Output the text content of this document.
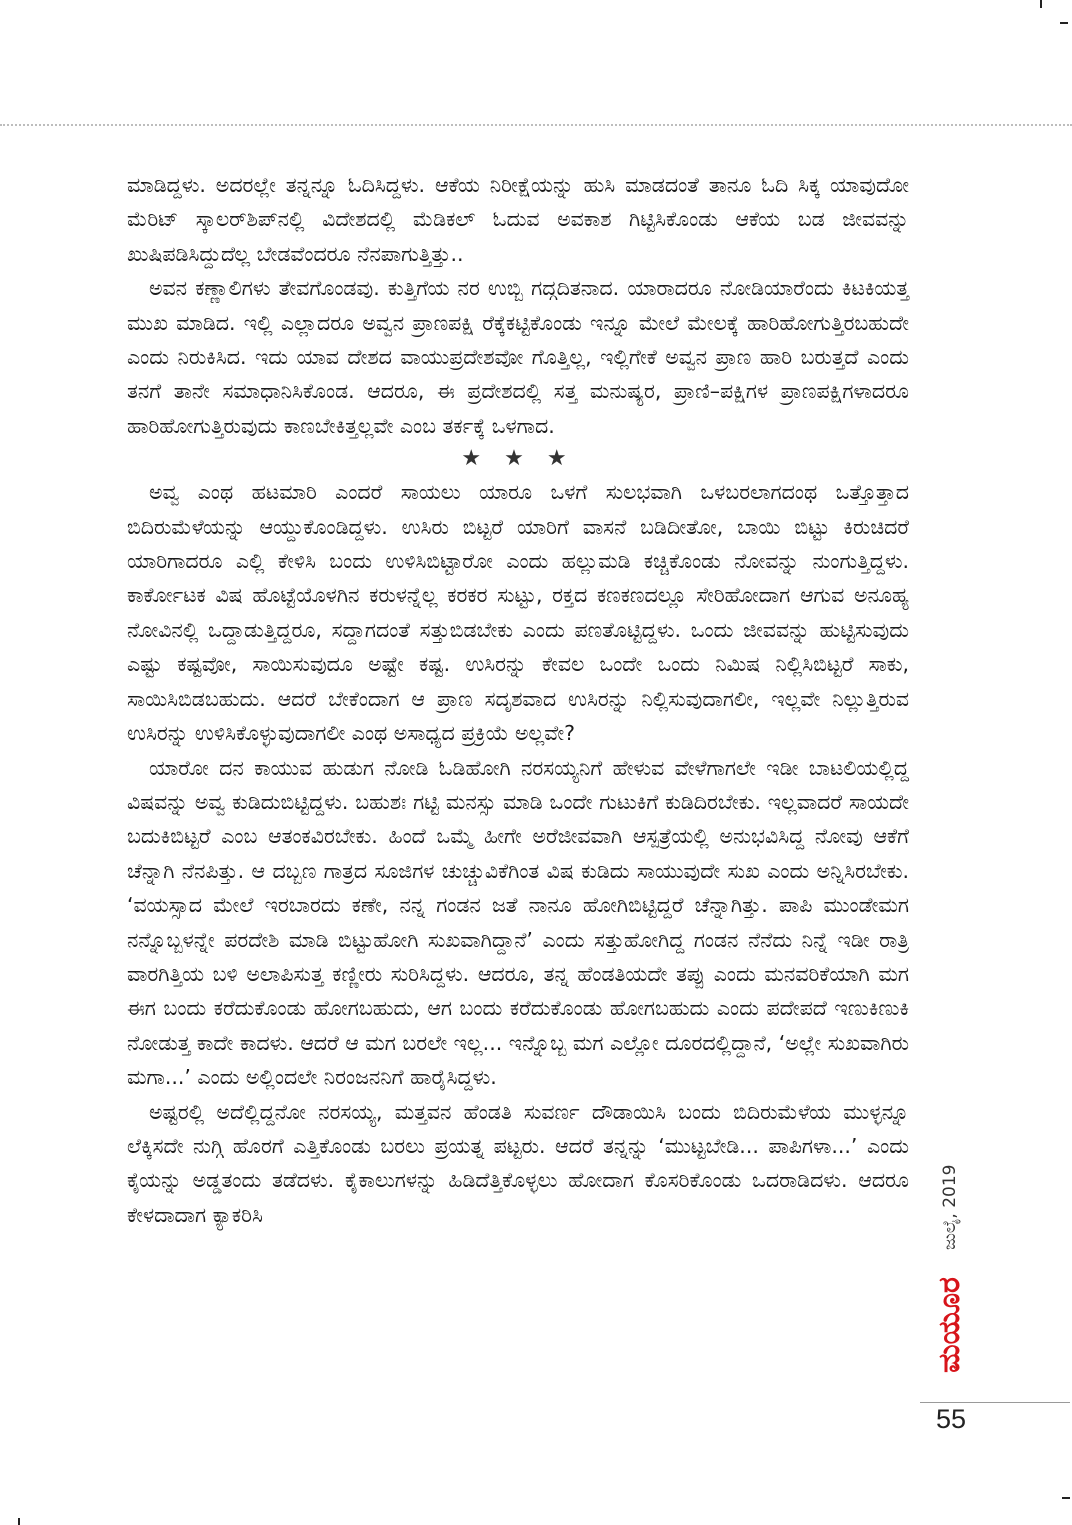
ಮಾಡಿದ್ದಳು. ಅದರಲ್ಲೇ ತನ್ನನ್ನೂ ಓದಿಸಿದ್ದಳು. ಆಕೆಯ ನಿರೀಕ್ಷೆಯನ್ನು ಹುಸಿ ಮಾಡದಂತೆ ತಾನೂ ಓದಿ ಸಿಕ್ಕ ಯಾವುದೋ ಮೆರಿಟ್ ಸ್ಕಾಲರ್‌ಶಿಪ್‌ನಲ್ಲಿ ವಿದೇಶದಲ್ಲಿ ಮೆಡಿಕಲ್ ಓದುವ ಅವಕಾಶ ಗಿಟ್ಟಿಸಿಕೊಂಡು ಆಕೆಯ ಬಡ ಜೀವವನ್ನು ಖುಷಿಪಡಿಸಿದ್ದುದೆಲ್ಲ ಬೇಡವೆಂದರೂ ನೆನಪಾಗುತ್ತಿತ್ತು..

ಅವನ ಕಣ್ಣಾಲಿಗಳು ತೇವಗೊಂಡವು. ಕುತ್ತಿಗೆಯ ನರ ಉಬ್ಬಿ ಗದ್ಗದಿತನಾದ. ಯಾರಾದರೂ ನೋಡಿಯಾರೆಂದು ಕಿಟಕಿಯತ್ತ ಮುಖ ಮಾಡಿದ. ಇಲ್ಲಿ ಎಲ್ಲಾದರೂ ಅವ್ವನ ಪ್ರಾಣಪಕ್ಷಿ ರೆಕ್ಕೆಕಟ್ಟಿಕೊಂಡು ಇನ್ನೂ ಮೇಲೆ ಮೇಲಕ್ಕೆ ಹಾರಿಹೋಗುತ್ತಿರಬಹುದೇ ಎಂದು ನಿರುಕಿಸಿದ. ಇದು ಯಾವ ದೇಶದ ವಾಯುಪ್ರದೇಶವೋ ಗೊತ್ತಿಲ್ಲ, ಇಲ್ಲಿಗೇಕೆ ಅವ್ವನ ಪ್ರಾಣ ಹಾರಿ ಬರುತ್ತದೆ ಎಂದು ತನಗೆ ತಾನೇ ಸಮಾಧಾನಿಸಿಕೊಂಡ. ಆದರೂ, ಈ ಪ್ರದೇಶದಲ್ಲಿ ಸತ್ತ ಮನುಷ್ಯರ, ಪ್ರಾಣಿ–ಪಕ್ಷಿಗಳ ಪ್ರಾಣಪಕ್ಷಿಗಳಾದರೂ ಹಾರಿಹೋಗುತ್ತಿರುವುದು ಕಾಣಬೇಕಿತ್ತಲ್ಲವೇ ಎಂಬ ತರ್ಕಕ್ಕೆ ಒಳಗಾದ.

★ ★ ★

ಅವ್ವ ಎಂಥ ಹಟಮಾರಿ ಎಂದರೆ ಸಾಯಲು ಯಾರೂ ಒಳಗೆ ಸುಲಭವಾಗಿ ಒಳಬರಲಾಗದಂಥ ಒತ್ತೊತ್ತಾದ ಬಿದಿರುಮೆಳೆಯನ್ನು ಆಯ್ದುಕೊಂಡಿದ್ದಳು. ಉಸಿರು ಬಿಟ್ಟರೆ ಯಾರಿಗೆ ವಾಸನೆ ಬಡಿದೀತೋ, ಬಾಯಿ ಬಿಟ್ಟು ಕಿರುಚಿದರೆ ಯಾರಿಗಾದರೂ ಎಲ್ಲಿ ಕೇಳಿಸಿ ಬಂದು ಉಳಿಸಿಬಿಟ್ಟಾರೋ ಎಂದು ಹಲ್ಲುಮಡಿ ಕಚ್ಚಿಕೊಂಡು ನೋವನ್ನು ನುಂಗುತ್ತಿದ್ದಳು. ಕಾರ್ಕೋಟಕ ವಿಷ ಹೊಟ್ಟೆಯೊಳಗಿನ ಕರುಳನ್ನೆಲ್ಲ ಕರಕರ ಸುಟ್ಟು, ರಕ್ತದ ಕಣಕಣದಲ್ಲೂ ಸೇರಿಹೋದಾಗ ಆಗುವ ಅನೂಹ್ಯ ನೋವಿನಲ್ಲಿ ಒದ್ದಾಡುತ್ತಿದ್ದರೂ, ಸದ್ದಾಗದಂತೆ ಸತ್ತುಬಿಡಬೇಕು ಎಂದು ಪಣತೊಟ್ಟಿದ್ದಳು. ಒಂದು ಜೀವವನ್ನು ಹುಟ್ಟಿಸುವುದು ಎಷ್ಟು ಕಷ್ಟವೋ, ಸಾಯಿಸುವುದೂ ಅಷ್ಟೇ ಕಷ್ಟ. ಉಸಿರನ್ನು ಕೇವಲ ಒಂದೇ ಒಂದು ನಿಮಿಷ ನಿಲ್ಲಿಸಿಬಿಟ್ಟರೆ ಸಾಕು, ಸಾಯಿಸಿಬಿಡಬಹುದು. ಆದರೆ ಬೇಕೆಂದಾಗ ಆ ಪ್ರಾಣ ಸದೃಶವಾದ ಉಸಿರನ್ನು ನಿಲ್ಲಿಸುವುದಾಗಲೀ, ಇಲ್ಲವೇ ನಿಲ್ಲುತ್ತಿರುವ ಉಸಿರನ್ನು ಉಳಿಸಿಕೊಳ್ಳುವುದಾಗಲೀ ಎಂಥ ಅಸಾಧ್ಯದ ಪ್ರಕ್ರಿಯೆ ಅಲ್ಲವೇ?

ಯಾರೋ ದನ ಕಾಯುವ ಹುಡುಗ ನೋಡಿ ಓಡಿಹೋಗಿ ನರಸಯ್ಯನಿಗೆ ಹೇಳುವ ವೇಳೆಗಾಗಲೇ ಇಡೀ ಬಾಟಲಿಯಲ್ಲಿದ್ದ ವಿಷವನ್ನು ಅವ್ವ ಕುಡಿದುಬಿಟ್ಟಿದ್ದಳು. ಬಹುಶಃ ಗಟ್ಟಿ ಮನಸ್ಸು ಮಾಡಿ ಒಂದೇ ಗುಟುಕಿಗೆ ಕುಡಿದಿರಬೇಕು. ಇಲ್ಲವಾದರೆ ಸಾಯದೇ ಬದುಕಿಬಿಟ್ಟರೆ ಎಂಬ ಆತಂಕವಿರಬೇಕು. ಹಿಂದೆ ಒಮ್ಮೆ ಹೀಗೇ ಅರೆಜೀವವಾಗಿ ಆಸ್ಪತ್ರೆಯಲ್ಲಿ ಅನುಭವಿಸಿದ್ದ ನೋವು ಆಕೆಗೆ ಚೆನ್ನಾಗಿ ನೆನಪಿತ್ತು. ಆ ದಬ್ಬಣ ಗಾತ್ರದ ಸೂಜಿಗಳ ಚುಚ್ಚುವಿಕೆಗಿಂತ ವಿಷ ಕುಡಿದು ಸಾಯುವುದೇ ಸುಖ ಎಂದು ಅನ್ನಿಸಿರಬೇಕು. ‘ವಯಸ್ಸಾದ ಮೇಲೆ ಇರಬಾರದು ಕಣೇ, ನನ್ನ ಗಂಡನ ಜತೆ ನಾನೂ ಹೋಗಿಬಿಟ್ಟಿದ್ದರೆ ಚೆನ್ನಾಗಿತ್ತು. ಪಾಪಿ ಮುಂಡೇಮಗ ನನ್ನೊಬ್ಬಳನ್ನೇ ಪರದೇಶಿ ಮಾಡಿ ಬಿಟ್ಟುಹೋಗಿ ಸುಖವಾಗಿದ್ದಾನೆ’ ಎಂದು ಸತ್ತುಹೋಗಿದ್ದ ಗಂಡನ ನೆನೆದು ನಿನ್ನೆ ಇಡೀ ರಾತ್ರಿ ವಾರಗಿತ್ತಿಯ ಬಳಿ ಅಲಾಪಿಸುತ್ತ ಕಣ್ಣೀರು ಸುರಿಸಿದ್ದಳು. ಆದರೂ, ತನ್ನ ಹೆಂಡತಿಯದೇ ತಪ್ಪು ಎಂದು ಮನವರಿಕೆಯಾಗಿ ಮಗ ಈಗ ಬಂದು ಕರೆದುಕೊಂಡು ಹೋಗಬಹುದು, ಆಗ ಬಂದು ಕರೆದುಕೊಂಡು ಹೋಗಬಹುದು ಎಂದು ಪದೇಪದೆ ಇಣುಕಿಣುಕಿ ನೋಡುತ್ತ ಕಾದೇ ಕಾದಳು. ಆದರೆ ಆ ಮಗ ಬರಲೇ ಇಲ್ಲ... ಇನ್ನೊಬ್ಬ ಮಗ ಎಲ್ಲೋ ದೂರದಲ್ಲಿದ್ದಾನೆ, ‘ಅಲ್ಲೇ ಸುಖವಾಗಿರು ಮಗಾ...’ ಎಂದು ಅಲ್ಲಿಂದಲೇ ನಿರಂಜನನಿಗೆ ಹಾರೈಸಿದ್ದಳು.

ಅಷ್ಟರಲ್ಲಿ ಅದೆಲ್ಲಿದ್ದನೋ ನರಸಯ್ಯ, ಮತ್ತವನ ಹೆಂಡತಿ ಸುವರ್ಣ ದೌಡಾಯಿಸಿ ಬಂದು ಬಿದಿರುಮೆಳೆಯ ಮುಳ್ಳನ್ನೂ ಲೆಕ್ಕಿಸದೇ ನುಗ್ಗಿ ಹೊರಗೆ ಎತ್ತಿಕೊಂಡು ಬರಲು ಪ್ರಯತ್ನ ಪಟ್ಟರು. ಆದರೆ ತನ್ನನ್ನು ‘ಮುಟ್ಟಬೇಡಿ... ಪಾಪಿಗಳಾ...’ ಎಂದು ಕೈಯನ್ನು ಅಡ್ಡತಂದು ತಡೆದಳು. ಕೈಕಾಲುಗಳನ್ನು ಹಿಡಿದೆತ್ತಿಕೊಳ್ಳಲು ಹೋದಾಗ ಕೊಸರಿಕೊಂಡು ಒದರಾಡಿದಳು. ಆದರೂ ಕೇಳದಾದಾಗ ಕ್ಯಾಕರಿಸಿ	ಜುಲೈ, 2019
ಮಯೂರ
55
